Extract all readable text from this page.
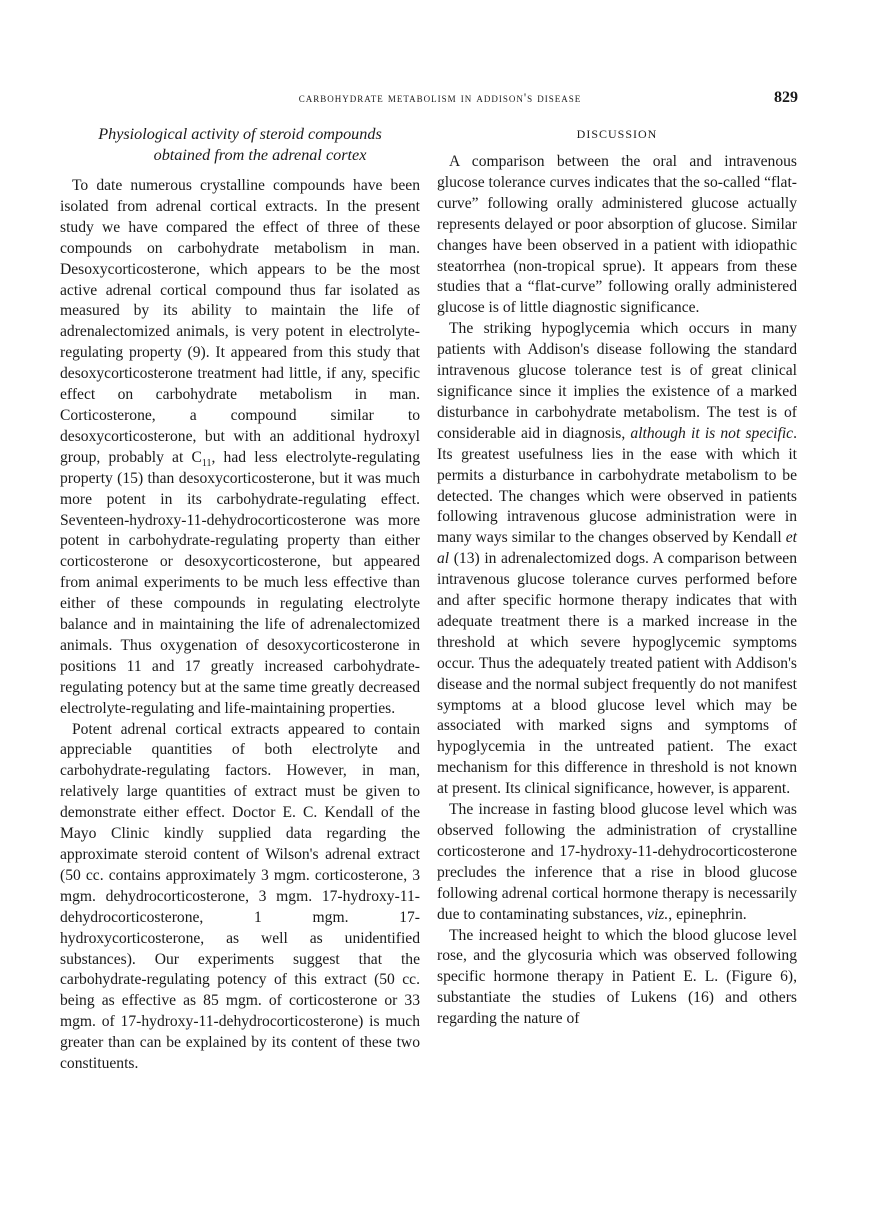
carbohydrate metabolism in addison's disease	829
Physiological activity of steroid compounds
obtained from the adrenal cortex

To date numerous crystalline compounds have been isolated from adrenal cortical extracts. In the present study we have compared the effect of three of these compounds on carbohydrate metabolism in man. Desoxycorticosterone, which appears to be the most active adrenal cortical compound thus far isolated as measured by its ability to maintain the life of adrenalectomized animals, is very potent in electrolyte-regulating property (9). It appeared from this study that desoxycorticosterone treatment had little, if any, specific effect on carbohydrate metabolism in man. Corticosterone, a compound similar to desoxycorticosterone, but with an additional hydroxyl group, probably at $C_{11}$, had less electrolyte-regulating property (15) than desoxycorticosterone, but it was much more potent in its carbohydrate-regulating effect. Seventeen-hydroxy-11-dehydrocorticosterone was more potent in carbohydrate-regulating property than either corticosterone or desoxycorticosterone, but appeared from animal experiments to be much less effective than either of these compounds in regulating electrolyte balance and in maintaining the life of adrenalectomized animals. Thus oxygenation of desoxycorticosterone in positions 11 and 17 greatly increased carbohydrate-regulating potency but at the same time greatly decreased electrolyte-regulating and life-maintaining properties.

Potent adrenal cortical extracts appeared to contain appreciable quantities of both electrolyte and carbohydrate-regulating factors. However, in man, relatively large quantities of extract must be given to demonstrate either effect. Doctor E. C. Kendall of the Mayo Clinic kindly supplied data regarding the approximate steroid content of Wilson's adrenal extract (50 cc. contains approximately 3 mgm. corticosterone, 3 mgm. dehydrocorticosterone, 3 mgm. 17-hydroxy-11-dehydrocorticosterone, 1 mgm. 17-hydroxycorticosterone, as well as unidentified substances). Our experiments suggest that the carbohydrate-regulating potency of this extract (50 cc. being as effective as 85 mgm. of corticosterone or 33 mgm. of 17-hydroxy-11-dehydrocorticosterone) is much greater than can be explained by its content of these two constituents.

DISCUSSION

A comparison between the oral and intravenous glucose tolerance curves indicates that the so-called “flat-curve” following orally administered glucose actually represents delayed or poor absorption of glucose. Similar changes have been observed in a patient with idiopathic steatorrhea (non-tropical sprue). It appears from these studies that a “flat-curve” following orally administered glucose is of little diagnostic significance.

The striking hypoglycemia which occurs in many patients with Addison's disease following the standard intravenous glucose tolerance test is of great clinical significance since it implies the existence of a marked disturbance in carbohydrate metabolism. The test is of considerable aid in diagnosis, although it is not specific. Its greatest usefulness lies in the ease with which it permits a disturbance in carbohydrate metabolism to be detected. The changes which were observed in patients following intravenous glucose administration were in many ways similar to the changes observed by Kendall et al (13) in adrenalectomized dogs. A comparison between intravenous glucose tolerance curves performed before and after specific hormone therapy indicates that with adequate treatment there is a marked increase in the threshold at which severe hypoglycemic symptoms occur. Thus the adequately treated patient with Addison's disease and the normal subject frequently do not manifest symptoms at a blood glucose level which may be associated with marked signs and symptoms of hypoglycemia in the untreated patient. The exact mechanism for this difference in threshold is not known at present. Its clinical significance, however, is apparent.

The increase in fasting blood glucose level which was observed following the administration of crystalline corticosterone and 17-hydroxy-11-dehydrocorticosterone precludes the inference that a rise in blood glucose following adrenal cortical hormone therapy is necessarily due to contaminating substances, viz., epinephrin.

The increased height to which the blood glucose level rose, and the glycosuria which was observed following specific hormone therapy in Patient E. L. (Figure 6), substantiate the studies of Lukens (16) and others regarding the nature of
